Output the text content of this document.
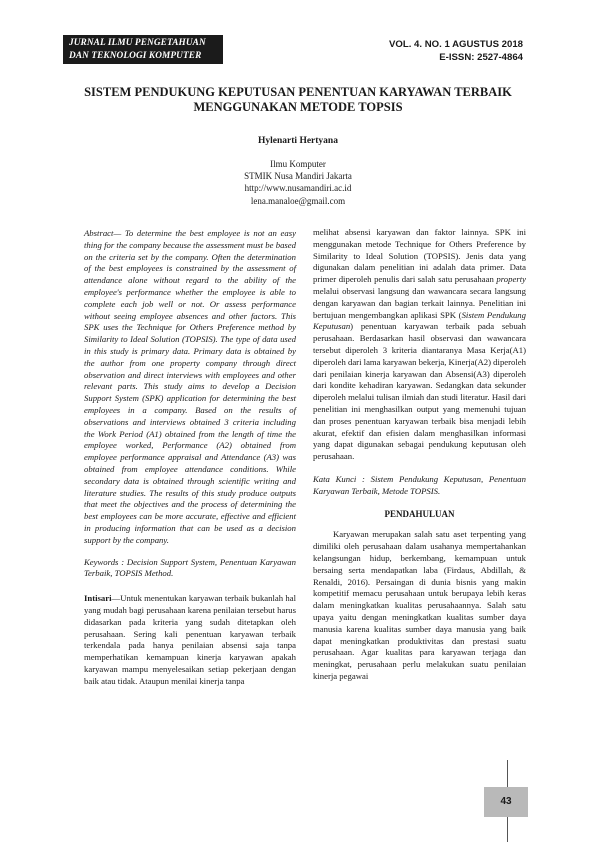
JURNAL ILMU PENGETAHUAN
DAN TEKNOLOGI KOMPUTER
VOL. 4. NO. 1 AGUSTUS 2018
E-ISSN: 2527-4864
SISTEM PENDUKUNG KEPUTUSAN PENENTUAN KARYAWAN TERBAIK
MENGGUNAKAN METODE TOPSIS
Hylenarti Hertyana
Ilmu Komputer
STMIK Nusa Mandiri Jakarta
http://www.nusamandiri.ac.id
lena.manaloe@gmail.com

Abstract— To determine the best employee is not an easy thing for the company because the assessment must be based on the criteria set by the company. Often the determination of the best employees is constrained by the assessment of attendance alone without regard to the ability of the employee's performance whether the employee is able to complete each job well or not. Or assess performance without seeing employee absences and other factors. This SPK uses the Technique for Others Preference method by Similarity to Ideal Solution (TOPSIS). The type of data used in this study is primary data. Primary data is obtained by the author from one property company through direct observation and direct interviews with employees and other relevant parts. This study aims to develop a Decision Support System (SPK) application for determining the best employees in a company. Based on the results of observations and interviews obtained 3 criteria including the Work Period (A1) obtained from the length of time the employee worked, Performance (A2) obtained from employee performance appraisal and Attendance (A3) was obtained from employee attendance conditions. While secondary data is obtained through scientific writing and literature studies. The results of this study produce outputs that meet the objectives and the process of determining the best employees can be more accurate, effective and efficient in producing information that can be used as a decision support by the company.

Keywords : Decision Support System, Penentuan Karyawan Terbaik, TOPSIS Method.

Intisari—Untuk menentukan karyawan terbaik bukanlah hal yang mudah bagi perusahaan karena penilaian tersebut harus didasarkan pada kriteria yang sudah ditetapkan oleh perusahaan. Sering kali penentuan karyawan terbaik terkendala pada hanya penilaian absensi saja tanpa memperhatikan kemampuan kinerja karyawan apakah karyawan mampu menyelesaikan setiap pekerjaan dengan baik atau tidak. Ataupun menilai kinerja tanpa

melihat absensi karyawan dan faktor lainnya. SPK ini menggunakan metode Technique for Others Preference by Similarity to Ideal Solution (TOPSIS). Jenis data yang digunakan dalam penelitian ini adalah data primer. Data primer diperoleh penulis dari salah satu perusahaan property melalui observasi langsung dan wawancara secara langsung dengan karyawan dan bagian terkait lainnya. Penelitian ini bertujuan mengembangkan aplikasi SPK (Sistem Pendukung Keputusan) penentuan karyawan terbaik pada sebuah perusahaan. Berdasarkan hasil observasi dan wawancara tersebut diperoleh 3 kriteria diantaranya Masa Kerja(A1) diperoleh dari lama karyawan bekerja, Kinerja(A2) diperoleh dari penilaian kinerja karyawan dan Absensi(A3) diperoleh dari kondite kehadiran karyawan. Sedangkan data sekunder diperoleh melalui tulisan ilmiah dan studi literatur. Hasil dari penelitian ini menghasilkan output yang memenuhi tujuan dan proses penentuan karyawan terbaik bisa menjadi lebih akurat, efektif dan efisien dalam menghasilkan informasi yang dapat digunakan sebagai pendukung keputusan oleh perusahaan.

Kata Kunci : Sistem Pendukung Keputusan, Penentuan Karyawan Terbaik, Metode TOPSIS.

PENDAHULUAN

Karyawan merupakan salah satu aset terpenting yang dimiliki oleh perusahaan dalam usahanya mempertahankan kelangsungan hidup, berkembang, kemampuan untuk bersaing serta mendapatkan laba (Firdaus, Abdillah, & Renaldi, 2016). Persaingan di dunia bisnis yang makin kompetitif memacu perusahaan untuk berupaya lebih keras dalam meningkatkan kualitas perusahaannya. Salah satu upaya yaitu dengan meningkatkan kualitas sumber daya manusia karena kualitas sumber daya manusia yang baik dapat meningkatkan produktivitas dan prestasi suatu perusahaan. Agar kualitas para karyawan terjaga dan meningkat, perusahaan perlu melakukan suatu penilaian kinerja pegawai

43
